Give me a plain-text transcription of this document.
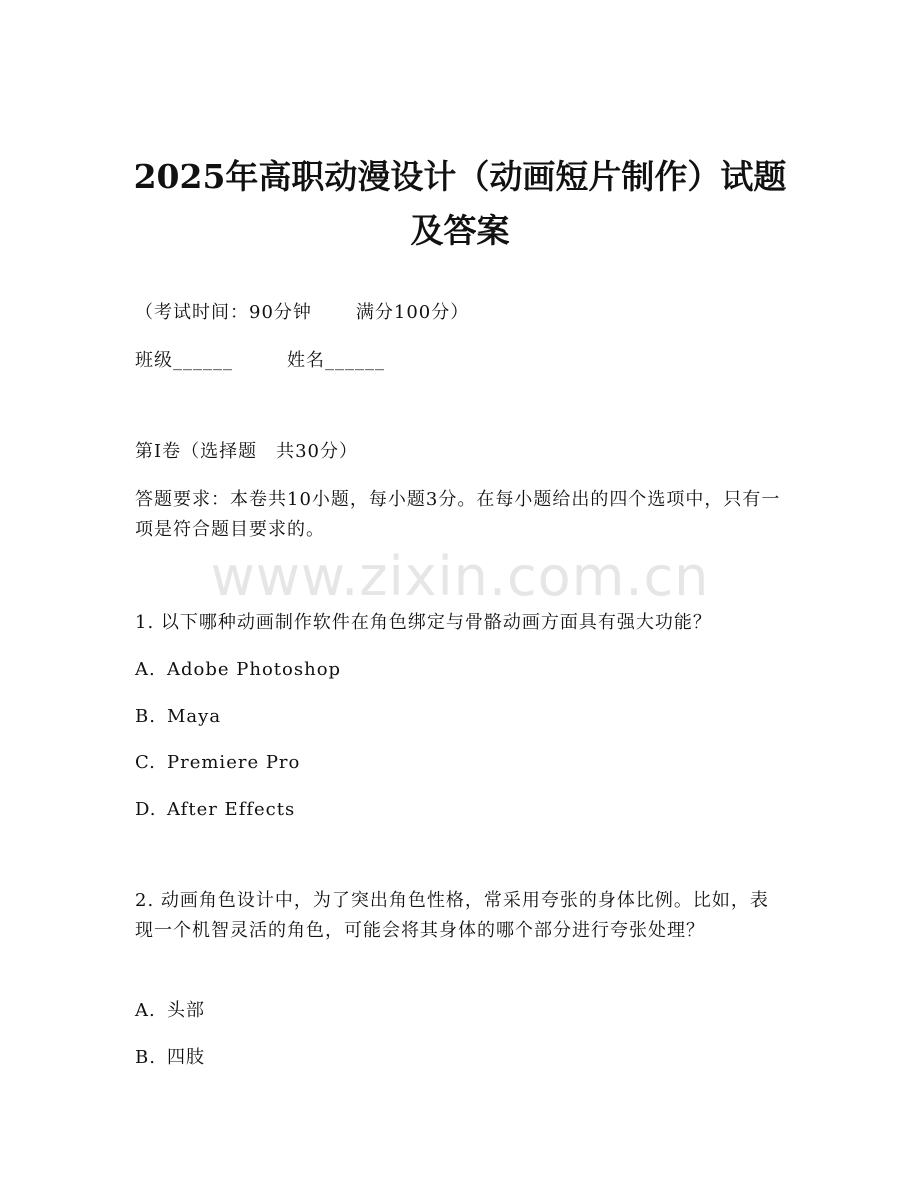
2025年高职动漫设计（动画短片制作）试题
及答案
（考试时间：90分钟 满分100分）
班级______	姓名______
第I卷（选择题　共30分）
答题要求：本卷共10小题，每小题3分。在每小题给出的四个选项中，只有一项是符合题目要求的。
www.zixin.com.cn
1. 以下哪种动画制作软件在角色绑定与骨骼动画方面具有强大功能？
A. Adobe Photoshop
B. Maya
C. Premiere Pro
D. After Effects
2. 动画角色设计中，为了突出角色性格，常采用夸张的身体比例。比如，表现一个机智灵活的角色，可能会将其身体的哪个部分进行夸张处理？
A. 头部
B. 四肢
